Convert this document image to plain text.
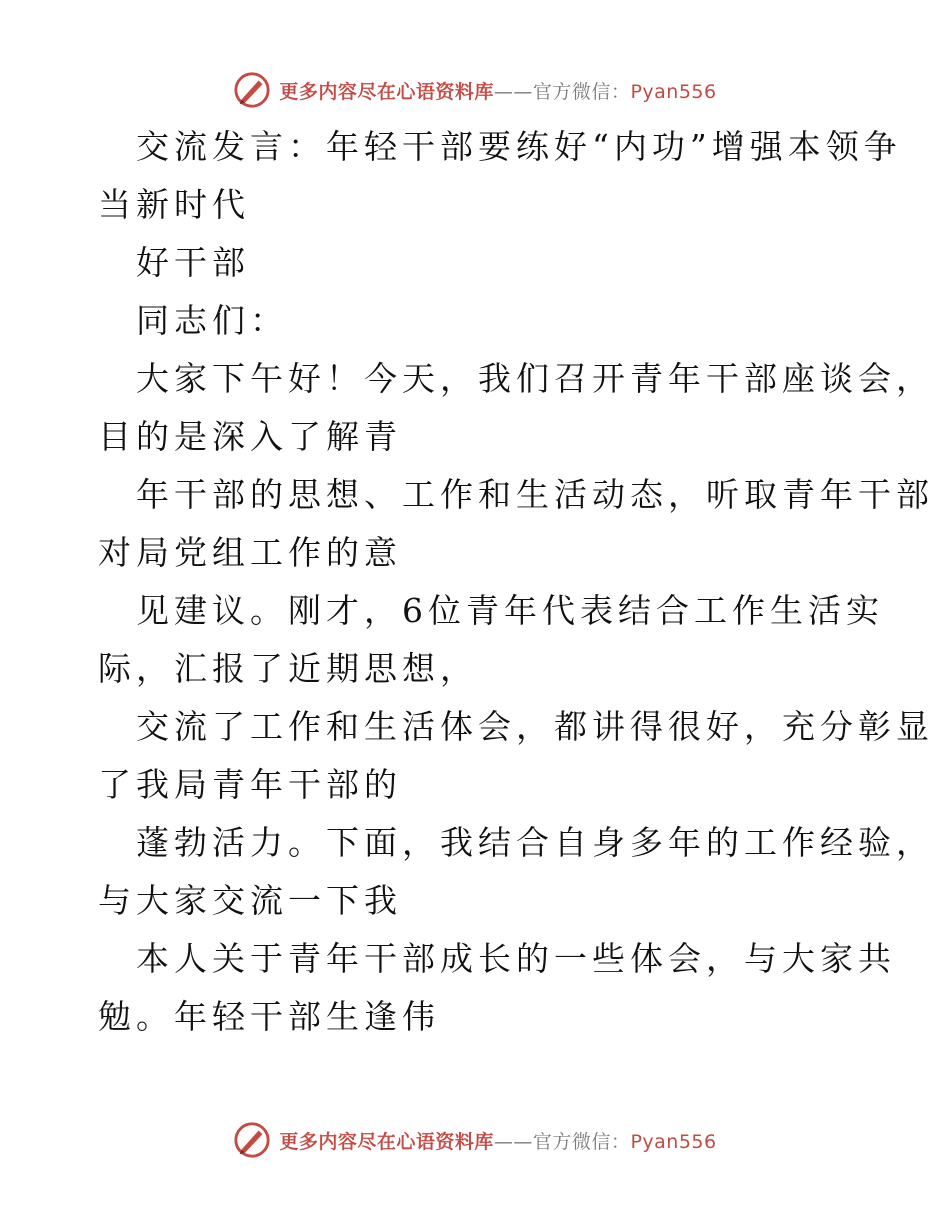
更多内容尽在心语资料库——官方微信：Pyan556

交流发言：年轻干部要练好“内功”增强本领争
当新时代

好干部

同志们：

大家下午好！今天，我们召开青年干部座谈会，
目的是深入了解青

年干部的思想、工作和生活动态，听取青年干部
对局党组工作的意

见建议。刚才，6位青年代表结合工作生活实
际，汇报了近期思想，

交流了工作和生活体会，都讲得很好，充分彰显
了我局青年干部的

蓬勃活力。下面，我结合自身多年的工作经验，
与大家交流一下我

本人关于青年干部成长的一些体会，与大家共
勉。年轻干部生逢伟

更多内容尽在心语资料库——官方微信：Pyan556
